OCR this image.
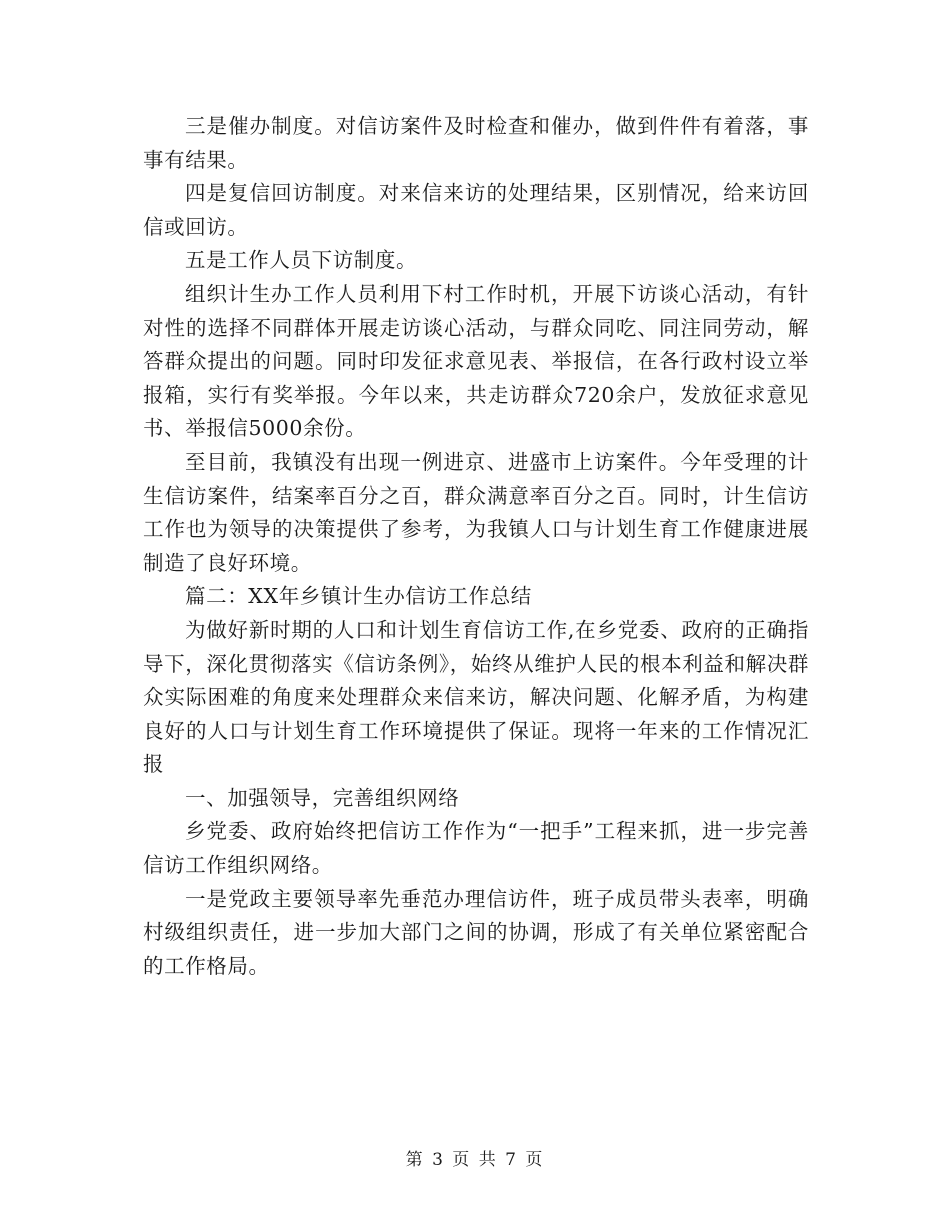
三是催办制度。对信访案件及时检查和催办，做到件件有着落，事事有结果。

四是复信回访制度。对来信来访的处理结果，区别情况，给来访回信或回访。

五是工作人员下访制度。

组织计生办工作人员利用下村工作时机，开展下访谈心活动，有针对性的选择不同群体开展走访谈心活动，与群众同吃、同注同劳动，解答群众提出的问题。同时印发征求意见表、举报信，在各行政村设立举报箱，实行有奖举报。今年以来，共走访群众720余户，发放征求意见书、举报信5000余份。

至目前，我镇没有出现一例进京、进盛市上访案件。今年受理的计生信访案件，结案率百分之百，群众满意率百分之百。同时，计生信访工作也为领导的决策提供了参考，为我镇人口与计划生育工作健康进展制造了良好环境。

篇二：XX年乡镇计生办信访工作总结

为做好新时期的人口和计划生育信访工作,在乡党委、政府的正确指导下，深化贯彻落实《信访条例》，始终从维护人民的根本利益和解决群众实际困难的角度来处理群众来信来访，解决问题、化解矛盾，为构建良好的人口与计划生育工作环境提供了保证。现将一年来的工作情况汇报

一、加强领导，完善组织网络

乡党委、政府始终把信访工作作为“一把手”工程来抓，进一步完善信访工作组织网络。

一是党政主要领导率先垂范办理信访件，班子成员带头表率，明确村级组织责任，进一步加大部门之间的协调，形成了有关单位紧密配合的工作格局。

第 3 页 共 7 页
